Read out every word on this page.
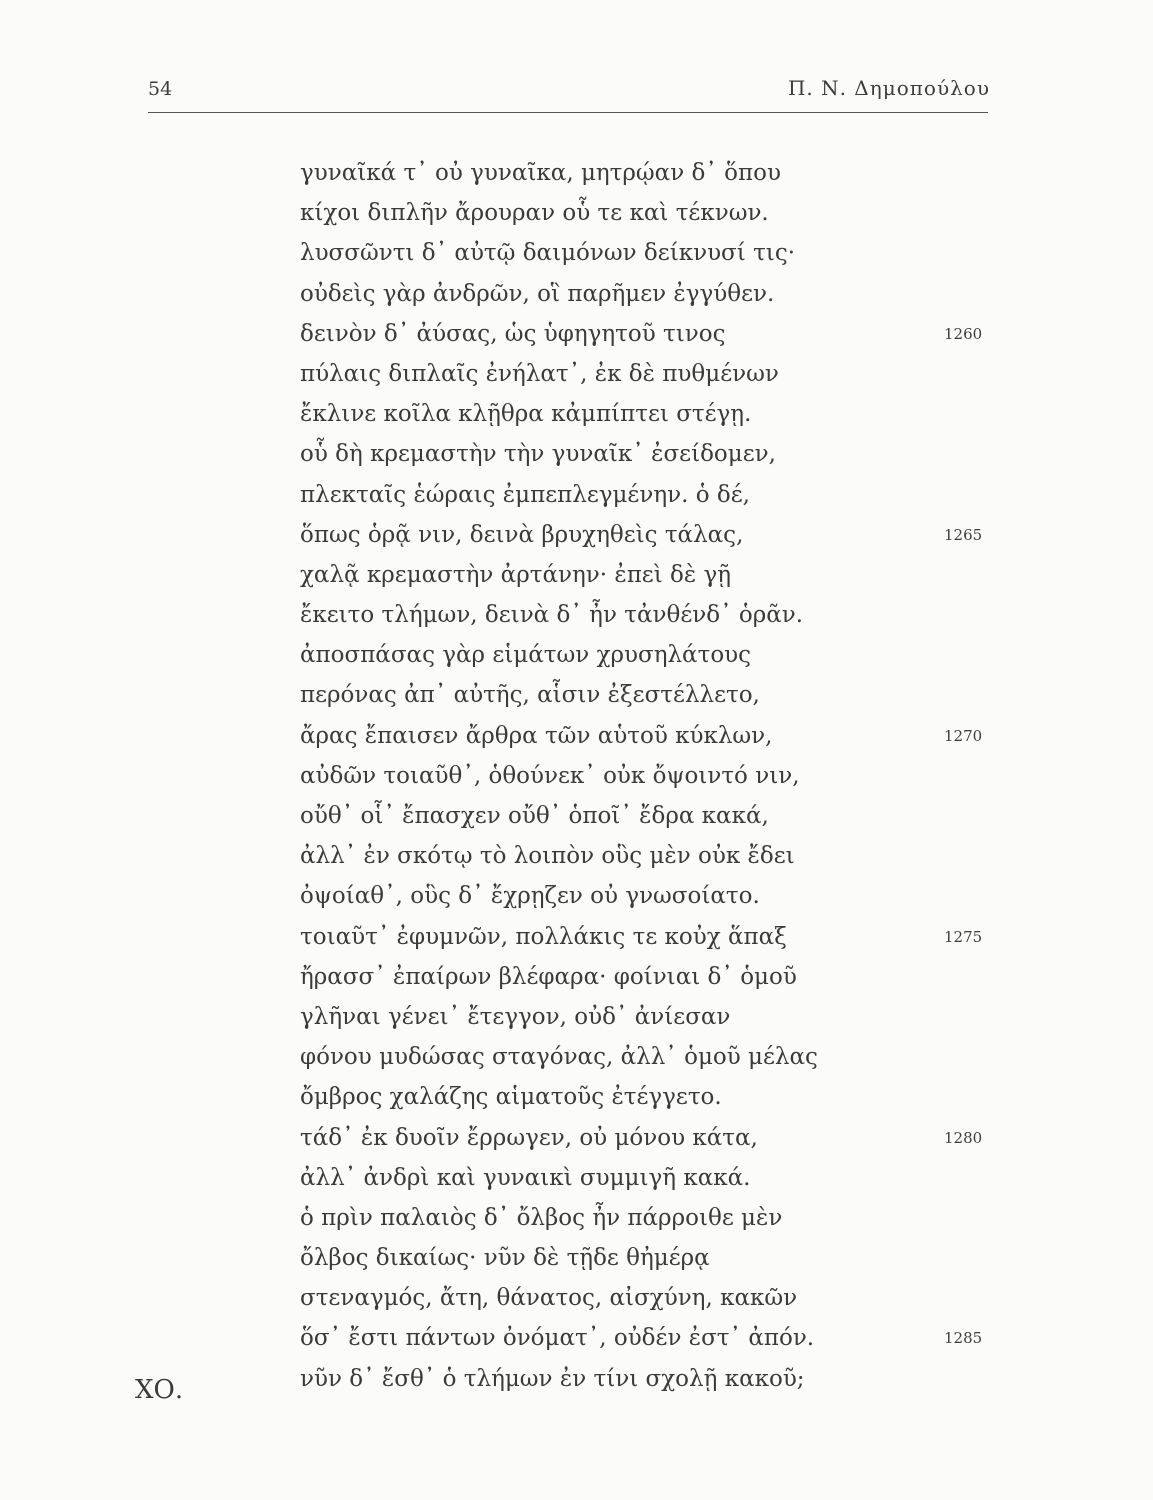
54	Π. Ν. Δημοπούλου
γυναῖκά τ᾽ οὐ γυναῖκα, μητρῴαν δ᾽ ὅπου
κίχοι διπλῆν ἄρουραν οὗ τε καὶ τέκνων.
λυσσῶντι δ᾽ αὐτῷ δαιμόνων δείκνυσί τις·
οὐδεὶς γὰρ ἀνδρῶν, οἳ παρῆμεν ἐγγύθεν.
δεινὸν δ᾽ ἀύσας, ὡς ὑφηγητοῦ τινος	1260
πύλαις διπλαῖς ἐνήλατ᾽, ἐκ δὲ πυθμένων
ἔκλινε κοῖλα κλῇθρα κἀμπίπτει στέγῃ.
οὗ δὴ κρεμαστὴν τὴν γυναῖκ᾽ ἐσείδομεν,
πλεκταῖς ἑώραις ἐμπεπλεγμένην. ὁ δέ,
ὅπως ὁρᾷ νιν, δεινὰ βρυχηθεὶς τάλας,	1265
χαλᾷ κρεμαστὴν ἀρτάνην· ἐπεὶ δὲ γῇ
ἔκειτο τλήμων, δεινὰ δ᾽ ἦν τἀνθένδ᾽ ὁρᾶν.
ἀποσπάσας γὰρ εἱμάτων χρυσηλάτους
περόνας ἀπ᾽ αὐτῆς, αἷσιν ἐξεστέλλετο,
ἄρας ἔπαισεν ἄρθρα τῶν αὑτοῦ κύκλων,	1270
αὐδῶν τοιαῦθ᾽, ὁθούνεκ᾽ οὐκ ὄψοιντό νιν,
οὔθ᾽ οἷ᾽ ἔπασχεν οὔθ᾽ ὁποῖ᾽ ἔδρα κακά,
ἀλλ᾽ ἐν σκότῳ τὸ λοιπὸν οὓς μὲν οὐκ ἔδει
ὀψοίαθ᾽, οὓς δ᾽ ἔχρῃζεν οὐ γνωσοίατο.
τοιαῦτ᾽ ἐφυμνῶν, πολλάκις τε κοὐχ ἅπαξ	1275
ἤρασσ᾽ ἐπαίρων βλέφαρα· φοίνιαι δ᾽ ὁμοῦ
γλῆναι γένει᾽ ἔτεγγον, οὐδ᾽ ἀνίεσαν
φόνου μυδώσας σταγόνας, ἀλλ᾽ ὁμοῦ μέλας
ὄμβρος χαλάζης αἱματοῦς ἐτέγγετο.
τάδ᾽ ἐκ δυοῖν ἔρρωγεν, οὐ μόνου κάτα,	1280
ἀλλ᾽ ἀνδρὶ καὶ γυναικὶ συμμιγῆ κακά.
ὁ πρὶν παλαιὸς δ᾽ ὄλβος ἦν πάρροιθε μὲν
ὄλβος δικαίως· νῦν δὲ τῇδε θἠμέρᾳ
στεναγμός, ἄτη, θάνατος, αἰσχύνη, κακῶν
ὅσ᾽ ἔστι πάντων ὀνόματ᾽, οὐδέν ἐστ᾽ ἀπόν.	1285
νῦν δ᾽ ἔσθ᾽ ὁ τλήμων ἐν τίνι σχολῇ κακοῦ;
ΧΟ.
